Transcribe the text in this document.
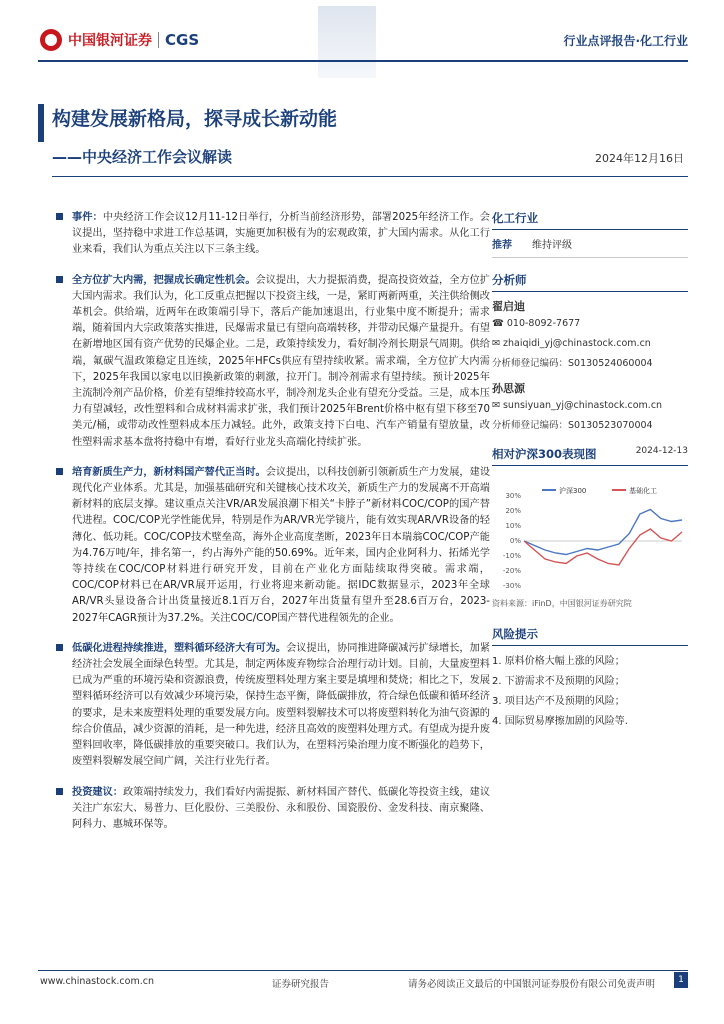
中国银河证券 CGS	行业点评报告·化工行业
构建发展新格局，探寻成长新动能
——中央经济工作会议解读	2024年12月16日
事件：中央经济工作会议12月11-12日举行，分析当前经济形势，部署2025年经济工作。会议提出，坚持稳中求进工作总基调，实施更加积极有为的宏观政策，扩大国内需求。从化工行业来看，我们认为重点关注以下三条主线。
全方位扩大内需，把握成长确定性机会。会议提出，大力提振消费，提高投资效益，全方位扩大国内需求。我们认为，化工反重点把握以下投资主线，一是，紧盯两新两重，关注供给侧改革机会。供给端，近两年在政策端引导下，落后产能加速退出，行业集中度不断提升；需求端，随着国内大宗政策落实推进，民爆需求量已有望向高端转移，并带动民爆产量提升。有望在新增地区国有资产优势的民爆企业。二是，政策持续发力，看好制冷剂长期景气周期。供给端，氟碳气温政策稳定且连续，2025年HFCs供应有望持续收紧。需求端，全方位扩大内需下，2025年我国以家电以旧换新政策的刺激，拉开门。制冷剂需求有望持续。预计2025年主流制冷剂产品价格，价差有望维持较高水平，制冷剂龙头企业有望充分受益。三是，成本压力有望减轻，改性塑料和合成材料需求扩张，我们预计2025年Brent价格中枢有望下移至70美元/桶，或带动改性塑料成本压力减轻。此外，政策支持下白电、汽车产销量有望放量，改性塑料需求基本盘将持稳中有增，看好行业龙头高端化持续扩张。
培育新质生产力，新材料国产替代正当时。会议提出，以科技创新引领新质生产力发展，建设现代化产业体系。尤其是，加强基础研究和关键核心技术攻关，新质生产力的发展离不开高端新材料的底层支撑。建议重点关注VR/AR发展浪潮下相关“卡脖子”新材料COC/COP的国产替代进程。COC/COP光学性能优异，特别是作为AR/VR光学镜片，能有效实现AR/VR设备的轻薄化、低功耗。COC/COP技术壁垒高，海外企业高度垄断，2023年日本瑞翁COC/COP产能为4.76万吨/年，排名第一，约占海外产能的50.69%。近年来，国内企业阿科力、拓烯光学等持续在COC/COP材料进行研究开发，目前在产业化方面陆续取得突破。需求端，COC/COP材料已在AR/VR展开运用，行业将迎来新动能。据IDC数据显示，2023年全球AR/VR头显设备合计出货量接近8.1百万台，2027年出货量有望升至28.6百万台，2023-2027年CAGR预计为37.2%。关注COC/COP国产替代进程领先的企业。
低碳化进程持续推进，塑料循环经济大有可为。会议提出，协同推进降碳减污扩绿增长，加紧经济社会发展全面绿色转型。尤其是，制定两体废弃物综合治理行动计划。目前，大量废塑料已成为严重的环境污染和资源浪费，传统废塑料处理方案主要是填埋和焚烧；相比之下，发展塑料循环经济可以有效减少环境污染，保持生态平衡，降低碳排放，符合绿色低碳和循环经济的要求，是未来废塑料处理的重要发展方向。废塑料裂解技术可以将废塑料转化为油气资源的综合价值品，减少资源的消耗，是一种先进，经济且高效的废塑料处理方式。有望成为提升废塑料回收率，降低碳排放的重要突破口。我们认为，在塑料污染治理力度不断强化的趋势下，废塑料裂解发展空间广阔，关注行业先行者。
投资建议：政策端持续发力，我们看好内需提振、新材料国产替代、低碳化等投资主线，建议关注广东宏大、易普力、巨化股份、三美股份、永和股份、国瓷股份、金发科技、南京聚隆、阿科力、惠城环保等。
化工行业
推荐 维持评级
分析师
翟启迪
☎ 010-8092-7677
✉ zhaiqidi_yj@chinastock.com.cn
分析师登记编码：S0130524060004
孙思源
✉ sunsiyuan_yj@chinastock.com.cn
分析师登记编码：S0130523070004
相对沪深300表现图	2024-12-13
沪深300	基础化工
30%
20%
10%
0%
-10%
-20%
-30%
资料来源：iFinD，中国银河证券研究院
风险提示
1. 原料价格大幅上涨的风险；
2. 下游需求不及预期的风险；
3. 项目达产不及预期的风险；
4. 国际贸易摩擦加剧的风险等.
www.chinastock.com.cn	证券研究报告	请务必阅读正文最后的中国银河证券股份有限公司免责声明	1
